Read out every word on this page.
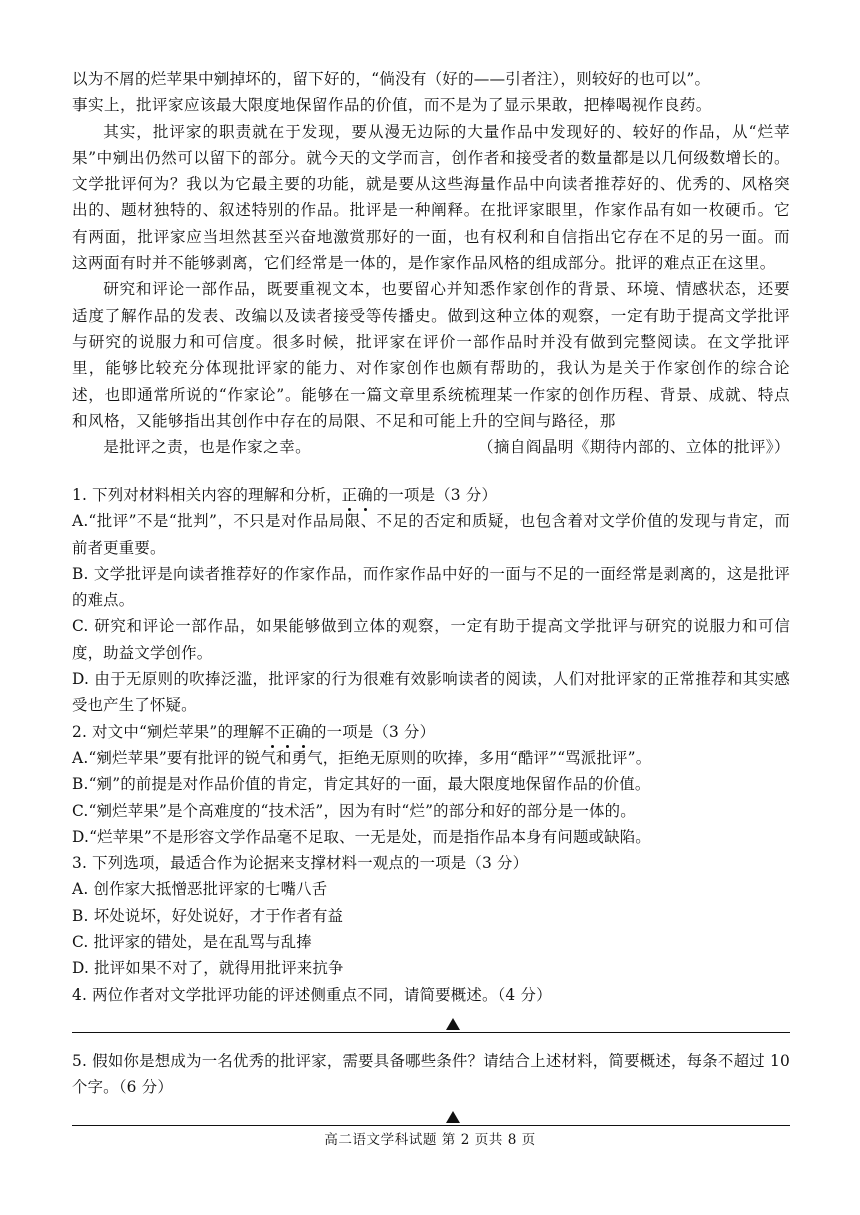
以为不屑的烂苹果中剜掉坏的，留下好的，“倘没有（好的——引者注），则较好的也可以”。

事实上，批评家应该最大限度地保留作品的价值，而不是为了显示果敢，把棒喝视作良药。

其实，批评家的职责就在于发现，要从漫无边际的大量作品中发现好的、较好的作品，从“烂苹果”中剜出仍然可以留下的部分。就今天的文学而言，创作者和接受者的数量都是以几何级数增长的。文学批评何为？我以为它最主要的功能，就是要从这些海量作品中向读者推荐好的、优秀的、风格突出的、题材独特的、叙述特别的作品。批评是一种阐释。在批评家眼里，作家作品有如一枚硬币。它有两面，批评家应当坦然甚至兴奋地激赏那好的一面，也有权利和自信指出它存在不足的另一面。而这两面有时并不能够剥离，它们经常是一体的，是作家作品风格的组成部分。批评的难点正在这里。

研究和评论一部作品，既要重视文本，也要留心并知悉作家创作的背景、环境、情感状态，还要适度了解作品的发表、改编以及读者接受等传播史。做到这种立体的观察，一定有助于提高文学批评与研究的说服力和可信度。很多时候，批评家在评价一部作品时并没有做到完整阅读。在文学批评里，能够比较充分体现批评家的能力、对作家创作也颇有帮助的，我认为是关于作家创作的综合论述，也即通常所说的“作家论”。能够在一篇文章里系统梳理某一作家的创作历程、背景、成就、特点和风格，又能够指出其创作中存在的局限、不足和可能上升的空间与路径，那

是批评之责，也是作家之幸。	（摘自阎晶明《期待内部的、立体的批评》）

1. 下列对材料相关内容的理解和分析，正确的一项是（3 分）

A.“批评”不是“批判”，不只是对作品局限、不足的否定和质疑，也包含着对文学价值的发现与肯定，而前者更重要。

B. 文学批评是向读者推荐好的作家作品，而作家作品中好的一面与不足的一面经常是剥离的，这是批评的难点。

C. 研究和评论一部作品，如果能够做到立体的观察，一定有助于提高文学批评与研究的说服力和可信度，助益文学创作。

D. 由于无原则的吹捧泛滥，批评家的行为很难有效影响读者的阅读，人们对批评家的正常推荐和其实感受也产生了怀疑。

2. 对文中“剜烂苹果”的理解不正确的一项是（3 分）

A.“剜烂苹果”要有批评的锐气和勇气，拒绝无原则的吹捧，多用“酷评”“骂派批评”。

B.“剜”的前提是对作品价值的肯定，肯定其好的一面，最大限度地保留作品的价值。

C.“剜烂苹果”是个高难度的“技术活”，因为有时“烂”的部分和好的部分是一体的。

D.“烂苹果”不是形容文学作品毫不足取、一无是处，而是指作品本身有问题或缺陷。

3. 下列选项，最适合作为论据来支撑材料一观点的一项是（3 分）

A. 创作家大抵憎恶批评家的七嘴八舌

B. 坏处说坏，好处说好，才于作者有益

C. 批评家的错处，是在乱骂与乱捧

D. 批评如果不对了，就得用批评来抗争

4. 两位作者对文学批评功能的评述侧重点不同，请简要概述。（4 分）

5. 假如你是想成为一名优秀的批评家，需要具备哪些条件？请结合上述材料，简要概述，每条不超过 10 个字。（6 分）

高二语文学科试题 第 2 页共 8 页
